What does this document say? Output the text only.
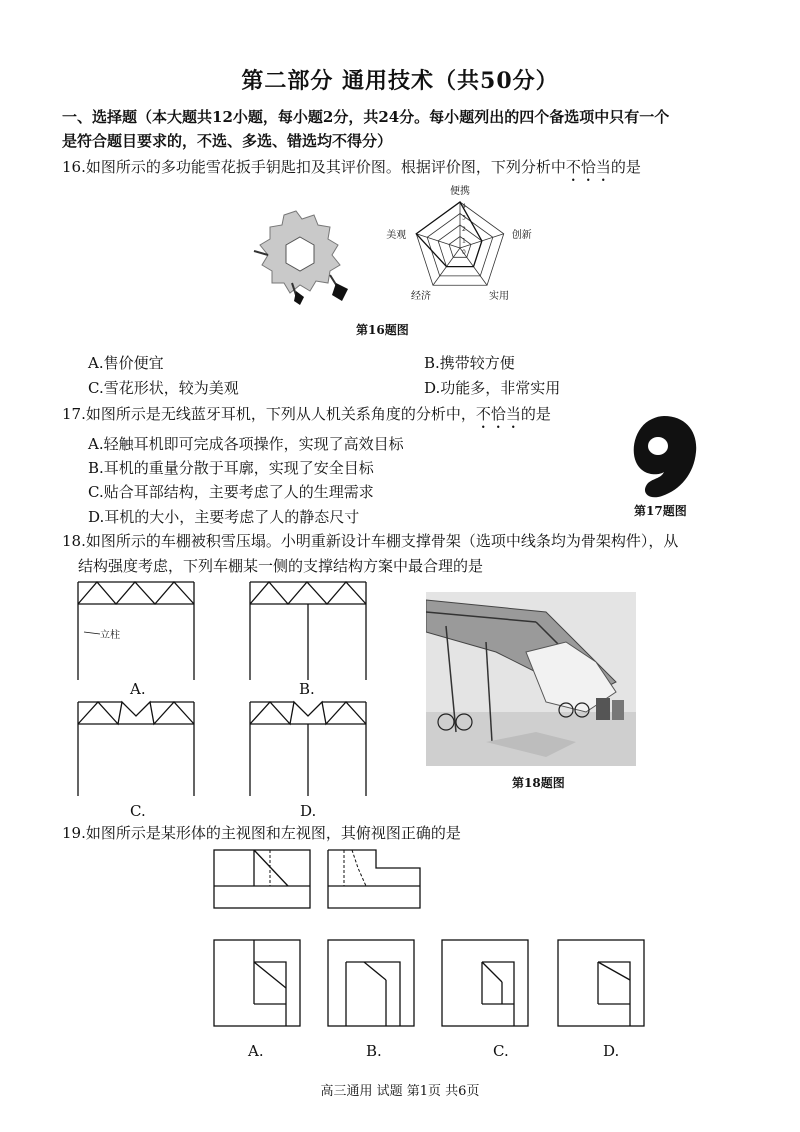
第二部分 通用技术（共50分）
一、选择题（本大题共12小题，每小题2分，共24分。每小题列出的四个备选项中只有一个
是符合题目要求的，不选、多选、错选均不得分）
16.如图所示的多功能雪花扳手钥匙扣及其评价图。根据评价图，下列分析中不恰当的是
便携
创新
实用
经济
美观
4
3
2
1
0
第16题图
A.售价便宜	B.携带较方便
C.雪花形状，较为美观	D.功能多，非常实用
17.如图所示是无线蓝牙耳机，下列从人机关系角度的分析中，不恰当的是
A.轻触耳机即可完成各项操作，实现了高效目标
B.耳机的重量分散于耳廓，实现了安全目标
C.贴合耳部结构，主要考虑了人的生理需求
D.耳机的大小，主要考虑了人的静态尺寸	第17题图
18.如图所示的车棚被积雪压塌。小明重新设计车棚支撑骨架（选项中线条均为骨架构件），从
结构强度考虑，下列车棚某一侧的支撑结构方案中最合理的是
立柱
A.	B.
C.	D.
第18题图
19.如图所示是某形体的主视图和左视图，其俯视图正确的是
A.	B.	C.	D.
高三通用 试题 第1页 共6页
